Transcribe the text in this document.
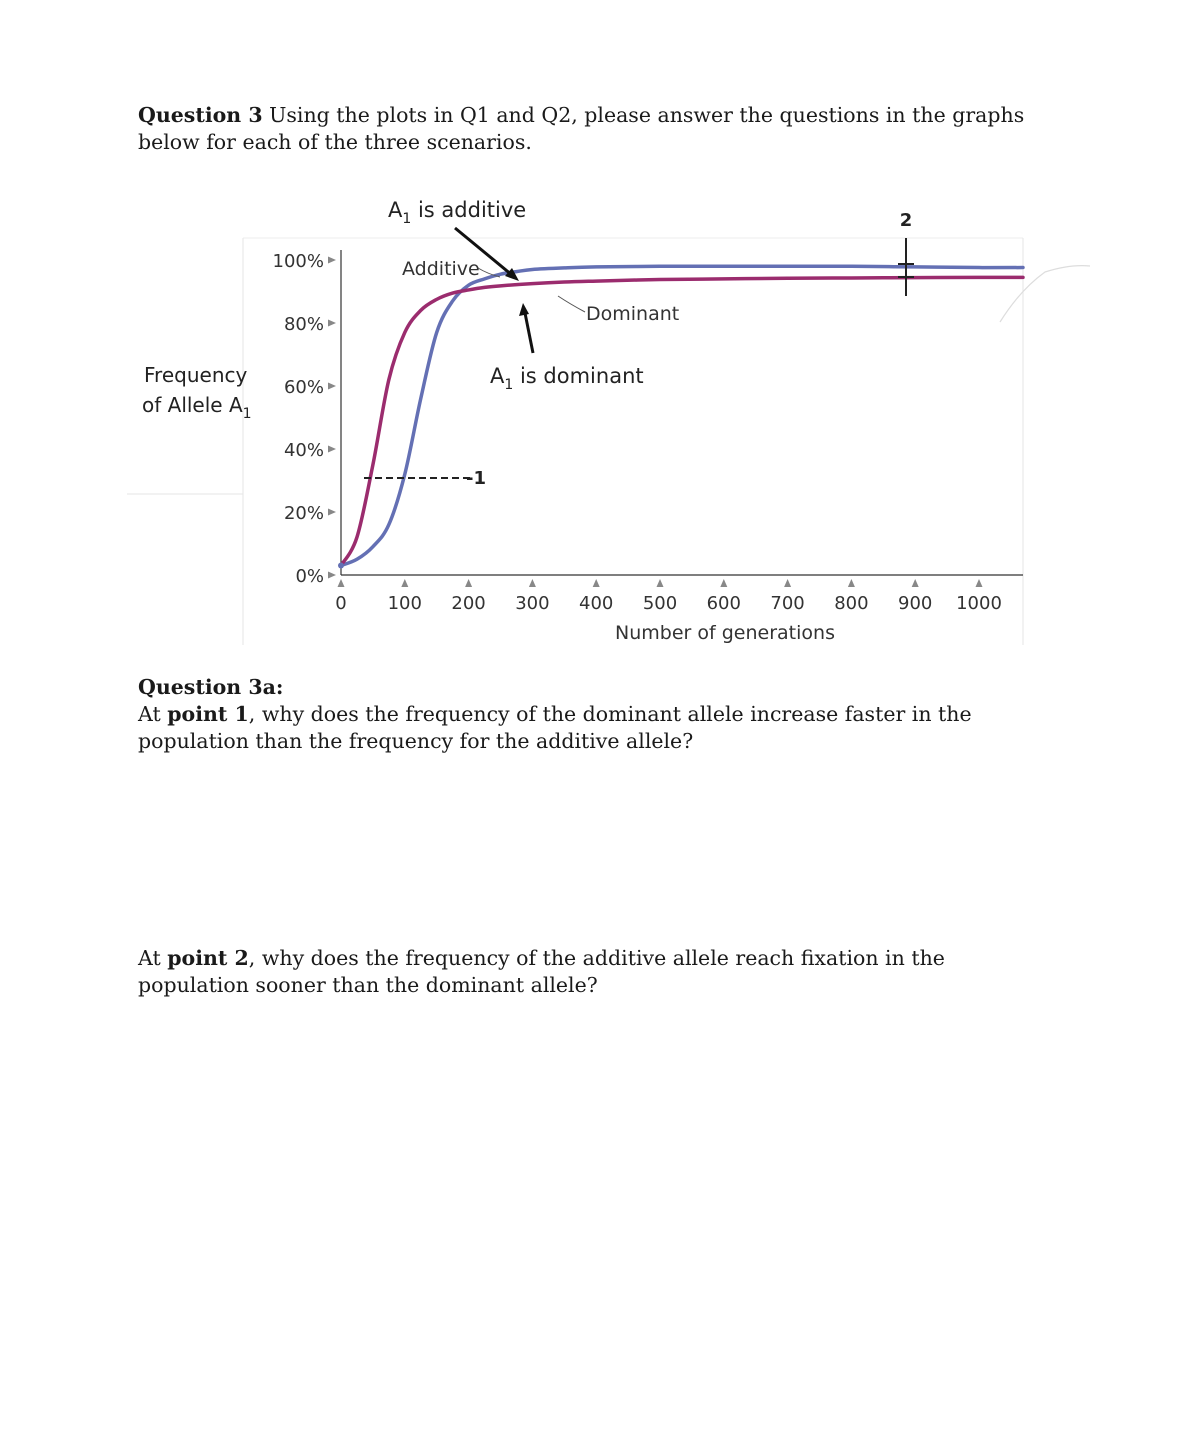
Question 3 Using the plots in Q1 and Q2, please answer the questions in the graphs below for each of the three scenarios.
0%
20%
40%
60%
80%
100%
0 100 200 300 400 500 600 700 800 900 1000
Frequency
of Allele $A_1$
Number of generations
-1
2
$A_1$ is additive
$A_1$ is dominant
Additive
Dominant
Question 3a:
At point 1, why does the frequency of the dominant allele increase faster in the population than the frequency for the additive allele?
At point 2, why does the frequency of the additive allele reach fixation in the population sooner than the dominant allele?
